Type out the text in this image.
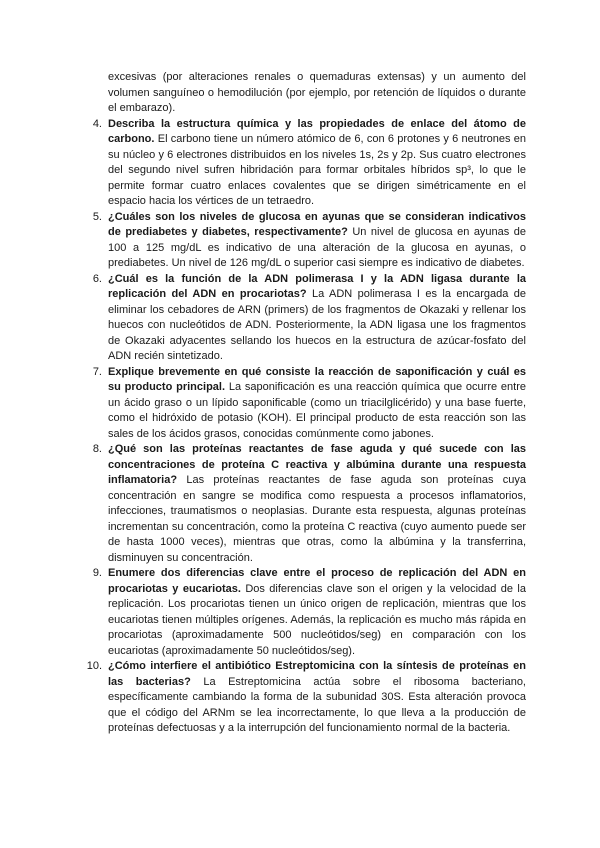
excesivas (por alteraciones renales o quemaduras extensas) y un aumento del volumen sanguíneo o hemodilución (por ejemplo, por retención de líquidos o durante el embarazo).

4. Describa la estructura química y las propiedades de enlace del átomo de carbono. El carbono tiene un número atómico de 6, con 6 protones y 6 neutrones en su núcleo y 6 electrones distribuidos en los niveles 1s, 2s y 2p. Sus cuatro electrones del segundo nivel sufren hibridación para formar orbitales híbridos sp³, lo que le permite formar cuatro enlaces covalentes que se dirigen simétricamente en el espacio hacia los vértices de un tetraedro.
5. ¿Cuáles son los niveles de glucosa en ayunas que se consideran indicativos de prediabetes y diabetes, respectivamente? Un nivel de glucosa en ayunas de 100 a 125 mg/dL es indicativo de una alteración de la glucosa en ayunas, o prediabetes. Un nivel de 126 mg/dL o superior casi siempre es indicativo de diabetes.
6. ¿Cuál es la función de la ADN polimerasa I y la ADN ligasa durante la replicación del ADN en procariotas? La ADN polimerasa I es la encargada de eliminar los cebadores de ARN (primers) de los fragmentos de Okazaki y rellenar los huecos con nucleótidos de ADN. Posteriormente, la ADN ligasa une los fragmentos de Okazaki adyacentes sellando los huecos en la estructura de azúcar-fosfato del ADN recién sintetizado.
7. Explique brevemente en qué consiste la reacción de saponificación y cuál es su producto principal. La saponificación es una reacción química que ocurre entre un ácido graso o un lípido saponificable (como un triacilglicérido) y una base fuerte, como el hidróxido de potasio (KOH). El principal producto de esta reacción son las sales de los ácidos grasos, conocidas comúnmente como jabones.
8. ¿Qué son las proteínas reactantes de fase aguda y qué sucede con las concentraciones de proteína C reactiva y albúmina durante una respuesta inflamatoria? Las proteínas reactantes de fase aguda son proteínas cuya concentración en sangre se modifica como respuesta a procesos inflamatorios, infecciones, traumatismos o neoplasias. Durante esta respuesta, algunas proteínas incrementan su concentración, como la proteína C reactiva (cuyo aumento puede ser de hasta 1000 veces), mientras que otras, como la albúmina y la transferrina, disminuyen su concentración.
9. Enumere dos diferencias clave entre el proceso de replicación del ADN en procariotas y eucariotas. Dos diferencias clave son el origen y la velocidad de la replicación. Los procariotas tienen un único origen de replicación, mientras que los eucariotas tienen múltiples orígenes. Además, la replicación es mucho más rápida en procariotas (aproximadamente 500 nucleótidos/seg) en comparación con los eucariotas (aproximadamente 50 nucleótidos/seg).
10. ¿Cómo interfiere el antibiótico Estreptomicina con la síntesis de proteínas en las bacterias? La Estreptomicina actúa sobre el ribosoma bacteriano, específicamente cambiando la forma de la subunidad 30S. Esta alteración provoca que el código del ARNm se lea incorrectamente, lo que lleva a la producción de proteínas defectuosas y a la interrupción del funcionamiento normal de la bacteria.
